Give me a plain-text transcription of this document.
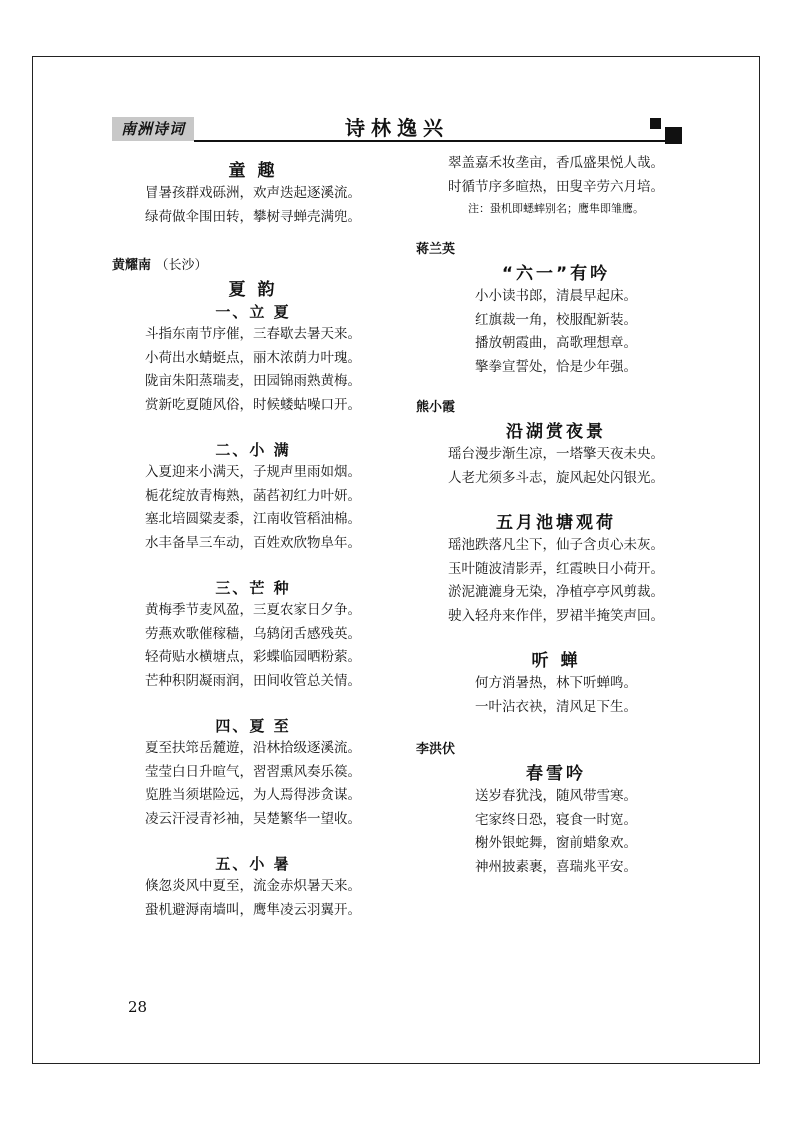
南洲诗词	诗林逸兴
童 趣
冒暑孩群戏砾洲，欢声迭起逐溪流。
绿荷做伞围田转，攀树寻蝉壳满兜。
黄耀南 （长沙）
夏 韵
一、立 夏
斗指东南节序催，三春歇去暑天来。
小荷出水蜻蜓点，丽木浓荫力叶瑰。
陇亩朱阳蒸瑞麦，田园锦雨熟黄梅。
赏新吃夏随风俗，时候蝼蛄噪口开。
二、小 满
入夏迎来小满天，子规声里雨如烟。
栀花绽放青梅熟，菡萏初红力叶妍。
塞北培圆粱麦黍，江南收管稻油棉。
水丰备旱三车动，百姓欢欣物阜年。
三、芒 种
黄梅季节麦风盈，三夏农家日夕争。
劳燕欢歌催稼穑，乌鸫闭舌感残英。
轻荷贴水横塘点，彩蝶临园晒粉萦。
芒种积阴凝雨润，田间收管总关情。
四、夏 至
夏至扶筇岳麓遊，沿林拾级逐溪流。
莹莹白日升暄气，習習熏风奏乐篌。
览胜当须堪险远，为人焉得涉贪谋。
凌云汗浸青衫袖，吴楚繁华一望收。
五、小 暑
倏忽炎风中夏至，流金赤炽暑天来。
蛩机避溽南墙叫，鹰隼凌云羽翼开。
翠盖嘉禾妆垄亩，香瓜盛果悦人哉。
时循节序多暄热，田叟辛劳六月培。
注：蛩机即蟋蟀别名；鹰隼即雏鹰。
蒋兰英
“六一”有吟
小小读书郎，清晨早起床。
红旗裁一角，校服配新装。
播放朝霞曲，高歌理想章。
擎拳宣誓处，恰是少年强。
熊小霞
沿湖赏夜景
瑶台漫步渐生凉，一塔擎天夜未央。
人老尤须多斗志，旋风起处闪银光。
五月池塘观荷
瑶池跌落凡尘下，仙子含贞心未灰。
玉叶随波清影弄，红霞映日小荷开。
淤泥漉漉身无染，净植亭亭风剪裁。
驶入轻舟来作伴，罗裙半掩笑声回。
听 蝉
何方消暑热，林下听蝉鸣。
一叶沾衣袂，清风足下生。
李洪伏
春雪吟
送岁春犹浅，随风带雪寒。
宅家终日恐，寝食一时宽。
榭外银蛇舞，窗前蜡象欢。
神州披素裹，喜瑞兆平安。
28
